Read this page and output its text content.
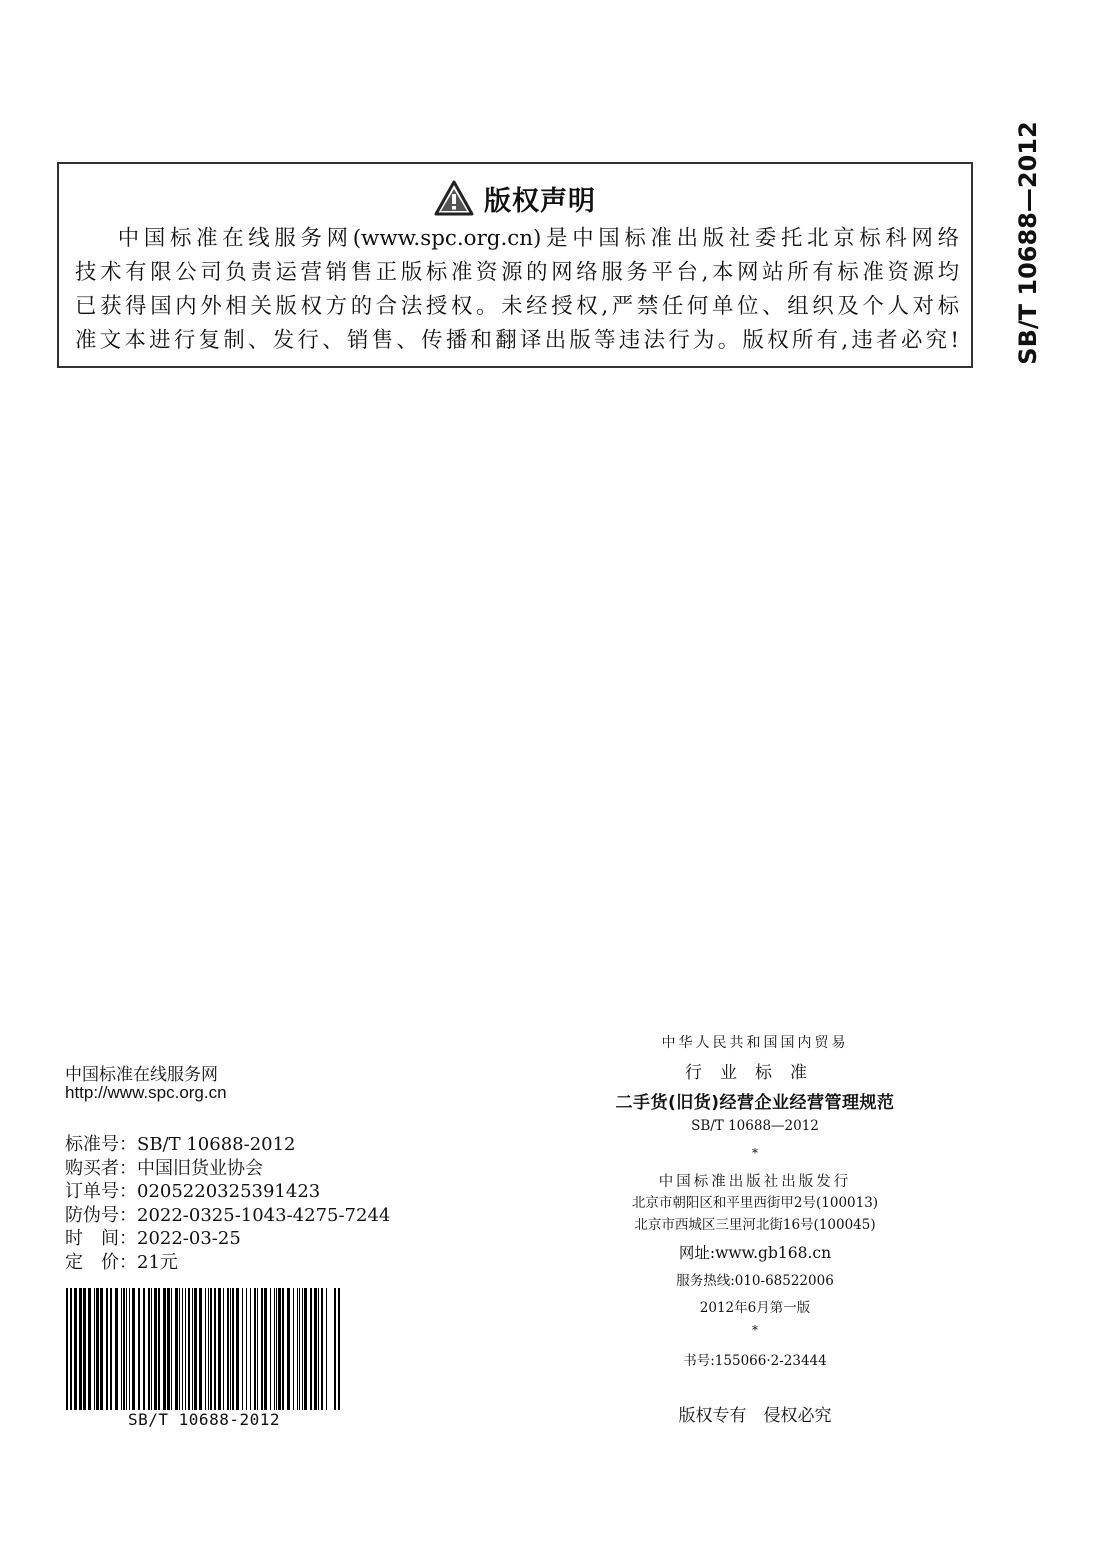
版权声明
中国标准在线服务网(www.spc.org.cn)是中国标准出版社委托北京标科网络
技术有限公司负责运营销售正版标准资源的网络服务平台,本网站所有标准资源均
已获得国内外相关版权方的合法授权。未经授权,严禁任何单位、组织及个人对标
准文本进行复制、发行、销售、传播和翻译出版等违法行为。版权所有,违者必究! SB/T 10688—2012
中国标准在线服务网
http://www.spc.org.cn
标准号：SB/T 10688-2012
购买者：中国旧货业协会
订单号：0205220325391423
防伪号：2022-0325-1043-4275-7244
时　间：2022-03-25
定　价：21元
SB/T 10688-2012
中华人民共和国国内贸易
行业标准
二手货(旧货)经营企业经营管理规范
SB/T 10688—2012
*
中国标准出版社出版发行
北京市朝阳区和平里西街甲2号(100013)
北京市西城区三里河北街16号(100045)
网址:www.gb168.cn
服务热线:010-68522006
2012年6月第一版
*
书号:155066·2-23444
版权专有　侵权必究
